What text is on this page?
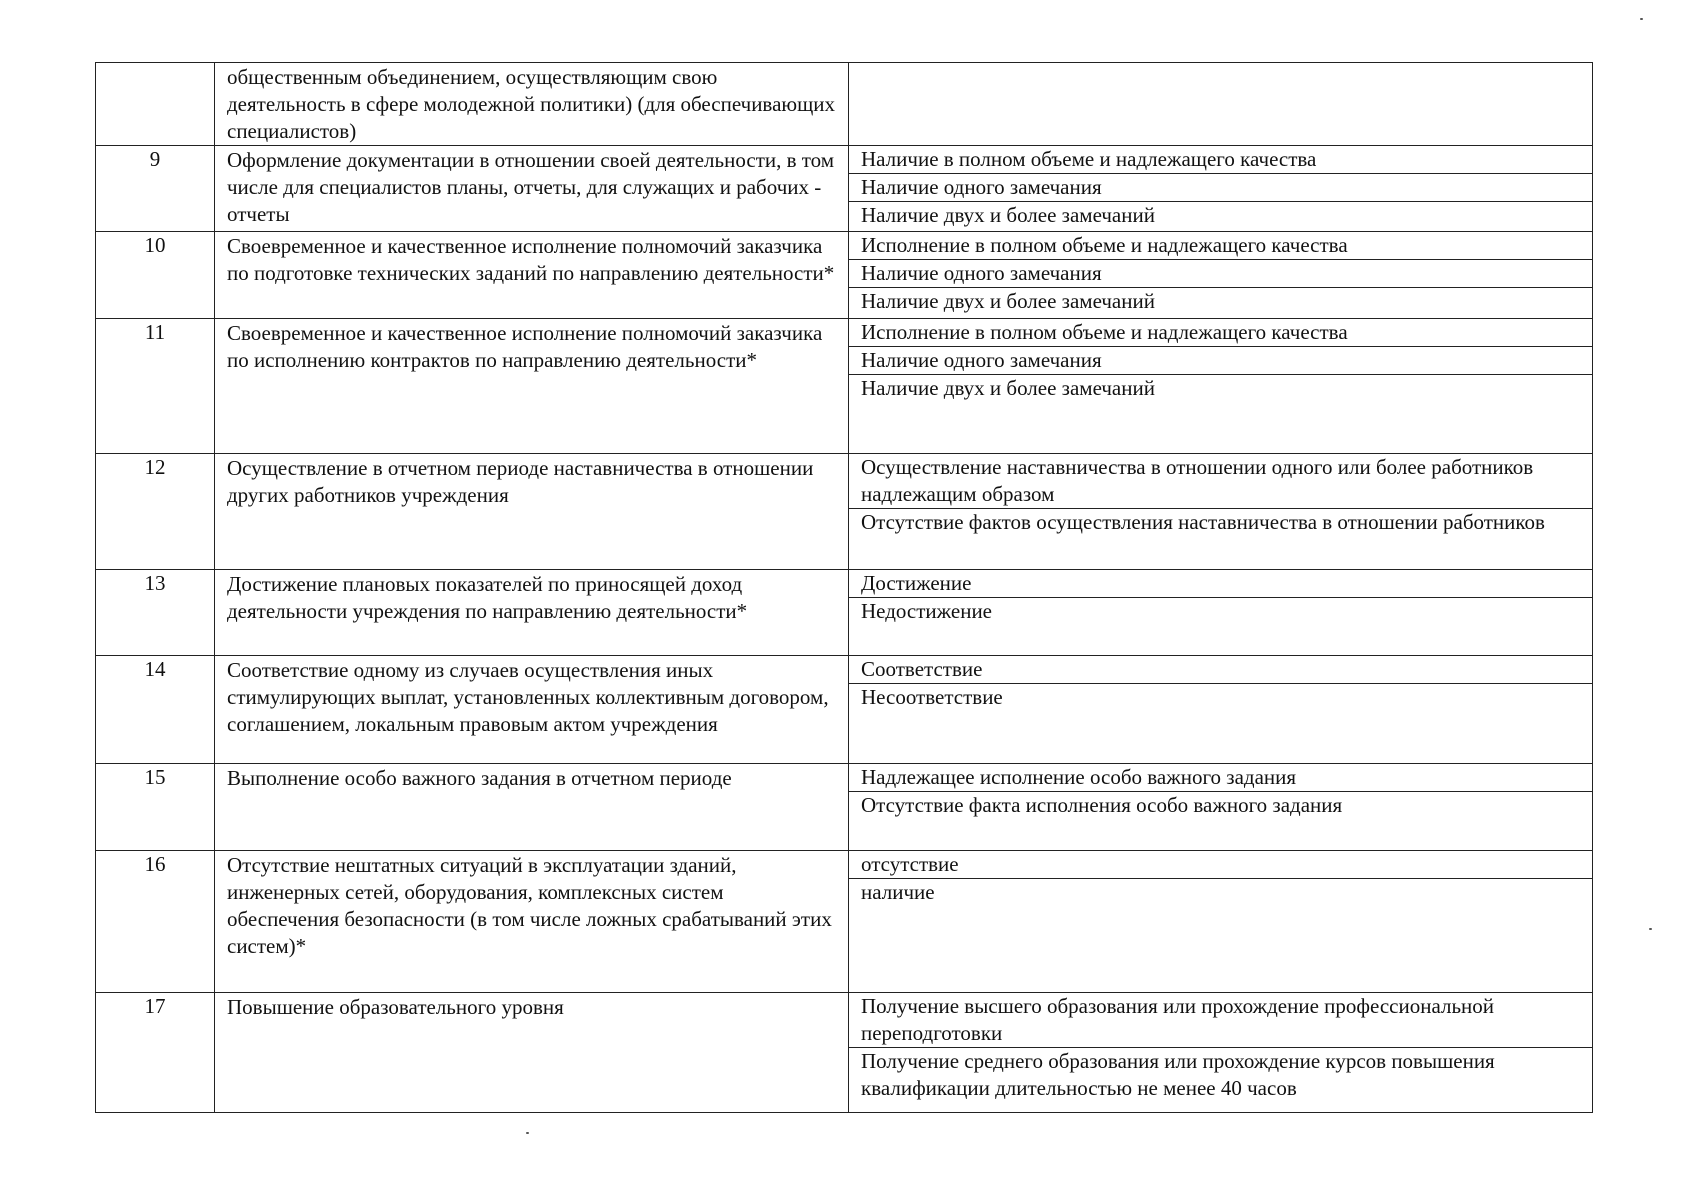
	общественным объединением, осуществляющим свою деятельность в сфере молодежной политики) (для обеспечивающих специалистов)	

9	Оформление документации в отношении своей деятельности, в том числе для специалистов планы, отчеты, для служащих и рабочих - отчеты	Наличие в полном объеме и надлежащего качества
Наличие одного замечания
Наличие двух и более замечаний

10	Своевременное и качественное исполнение полномочий заказчика по подготовке технических заданий по направлению деятельности*	Исполнение в полном объеме и надлежащего качества
Наличие одного замечания
Наличие двух и более замечаний

11	Своевременное и качественное исполнение полномочий заказчика по исполнению контрактов по направлению деятельности*	Исполнение в полном объеме и надлежащего качества
Наличие одного замечания
Наличие двух и более замечаний

12	Осуществление в отчетном периоде наставничества в отношении других работников учреждения	Осуществление наставничества в отношении одного или более работников надлежащим образом
Отсутствие фактов осуществления наставничества в отношении работников

13	Достижение плановых показателей по приносящей доход деятельности учреждения по направлению деятельности*	Достижение
Недостижение

14	Соответствие одному из случаев осуществления иных стимулирующих выплат, установленных коллективным договором, соглашением, локальным правовым актом учреждения	Соответствие
Несоответствие

15	Выполнение особо важного задания в отчетном периоде	Надлежащее исполнение особо важного задания
Отсутствие факта исполнения особо важного задания

16	Отсутствие нештатных ситуаций в эксплуатации зданий, инженерных сетей, оборудования, комплексных систем обеспечения безопасности (в том числе ложных срабатываний этих систем)*	отсутствие
наличие

17	Повышение образовательного уровня	Получение высшего образования или прохождение профессиональной переподготовки
Получение среднего образования или прохождение курсов повышения квалификации длительностью не менее 40 часов
